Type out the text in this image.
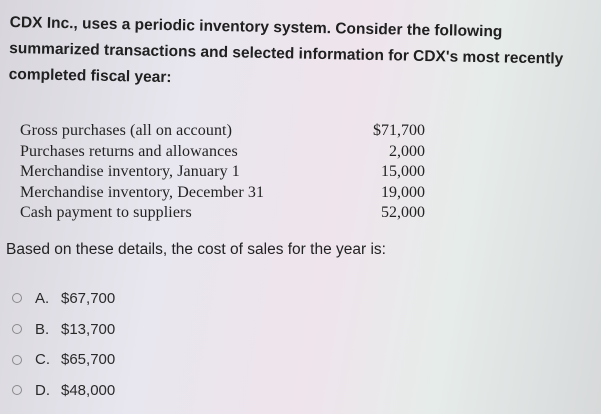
CDX Inc., uses a periodic inventory system. Consider the following summarized transactions and selected information for CDX's most recently completed fiscal year:
Gross purchases (all on account)	$71,700
Purchases returns and allowances	2,000
Merchandise inventory, January 1	15,000
Merchandise inventory, December 31	19,000
Cash payment to suppliers	52,000
Based on these details, the cost of sales for the year is:
A. $67,700
B. $13,700
C. $65,700
D. $48,000
